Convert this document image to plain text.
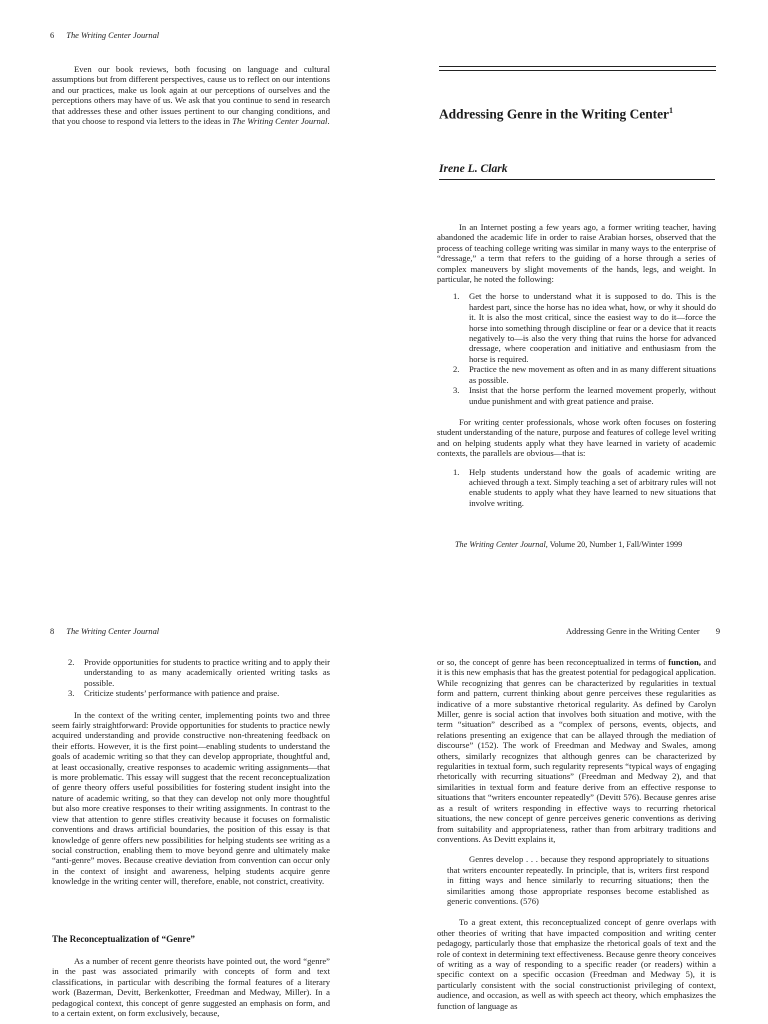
6 The Writing Center Journal

Even our book reviews, both focusing on language and cultural assumptions but from different perspectives, cause us to reflect on our intentions and our practices, make us look again at our perceptions of ourselves and the perceptions others may have of us. We ask that you continue to send in research that addresses these and other issues pertinent to our changing conditions, and that you choose to respond via letters to the ideas in The Writing Center Journal.	Addressing Genre in the Writing Center$^1$
Irene L. Clark

In an Internet posting a few years ago, a former writing teacher, having abandoned the academic life in order to raise Arabian horses, observed that the process of teaching college writing was similar in many ways to the enterprise of “dressage,” a term that refers to the guiding of a horse through a series of complex maneuvers by slight movements of the hands, legs, and weight. In particular, he noted the following:

1. Get the horse to understand what it is supposed to do. This is the hardest part, since the horse has no idea what, how, or why it should do it. It is also the most critical, since the easiest way to do it—force the horse into something through discipline or fear or a device that it reacts negatively to—is also the very thing that ruins the horse for advanced dressage, where cooperation and initiative and enthusiasm from the horse is required.
2. Practice the new movement as often and in as many different situations as possible.
3. Insist that the horse perform the learned movement properly, without undue punishment and with great patience and praise.

For writing center professionals, whose work often focuses on fostering student understanding of the nature, purpose and features of college level writing and on helping students apply what they have learned in variety of academic contexts, the parallels are obvious—that is:

1. Help students understand how the goals of academic writing are achieved through a text. Simply teaching a set of arbitrary rules will not enable students to apply what they have learned to new situations that involve writing.
The Writing Center Journal, Volume 20, Number 1, Fall/Winter 1999
8 The Writing Center Journal
2. Provide opportunities for students to practice writing and to apply their understanding to as many academically oriented writing tasks as possible.
3. Criticize students’ performance with patience and praise.

In the context of the writing center, implementing points two and three seem fairly straightforward: Provide opportunities for students to practice newly acquired understanding and provide constructive non-threatening feedback on their efforts. However, it is the first point—enabling students to understand the goals of academic writing so that they can develop appropriate, thoughtful and, at least occasionally, creative responses to academic writing assignments—that is more problematic. This essay will suggest that the recent reconceptualization of genre theory offers useful possibilities for fostering student insight into the nature of academic writing, so that they can develop not only more thoughtful but also more creative responses to their writing assignments. In contrast to the view that attention to genre stifles creativity because it focuses on formalistic conventions and draws artificial boundaries, the position of this essay is that knowledge of genre offers new possibilities for helping students see writing as a social construction, enabling them to move beyond genre and ultimately make “anti-genre” moves. Because creative deviation from convention can occur only in the context of insight and awareness, helping students acquire genre knowledge in the writing center will, therefore, enable, not constrict, creativity.

The Reconceptualization of “Genre”

As a number of recent genre theorists have pointed out, the word “genre” in the past was associated primarily with concepts of form and text classifications, in particular with describing the formal features of a literary work (Bazerman, Devitt, Berkenkotter, Freedman and Medway, Miller). In a pedagogical context, this concept of genre suggested an emphasis on form, and to a certain extent, on form exclusively, because,

Addressing Genre in the Writing Center 9

or so, the concept of genre has been reconceptualized in terms of function, and it is this new emphasis that has the greatest potential for pedagogical application. While recognizing that genres can be characterized by regularities in textual form and pattern, current thinking about genre perceives these regularities as indicative of a more substantive rhetorical regularity. As defined by Carolyn Miller, genre is social action that involves both situation and motive, with the term “situation” described as a “complex of persons, events, objects, and relations presenting an exigence that can be allayed through the mediation of discourse” (152). The work of Freedman and Medway and Swales, among others, similarly recognizes that although genres can be characterized by regularities in textual form, such regularity represents “typical ways of engaging rhetorically with recurring situations” (Freedman and Medway 2), and that similarities in textual form and feature derive from an effective response to situations that “writers encounter repeatedly” (Devitt 576). Because genres arise as a result of writers responding in effective ways to recurring rhetorical situations, the new concept of genre perceives generic conventions as deriving from suitability and appropriateness, rather than from arbitrary traditions and conventions. As Devitt explains it,

Genres develop . . . because they respond appropriately to situations that writers encounter repeatedly. In principle, that is, writers first respond in fitting ways and hence similarly to recurring situations; then the similarities among those appropriate responses become established as generic conventions. (576)

To a great extent, this reconceptualized concept of genre overlaps with other theories of writing that have impacted composition and writing center pedagogy, particularly those that emphasize the rhetorical goals of text and the role of context in determining text effectiveness. Because genre theory conceives of writing as a way of responding to a specific reader (or readers) within a specific context on a specific occasion (Freedman and Medway 5), it is particularly consistent with the social constructionist privileging of context, audience, and occasion, as well as with speech act theory, which emphasizes the function of language as
